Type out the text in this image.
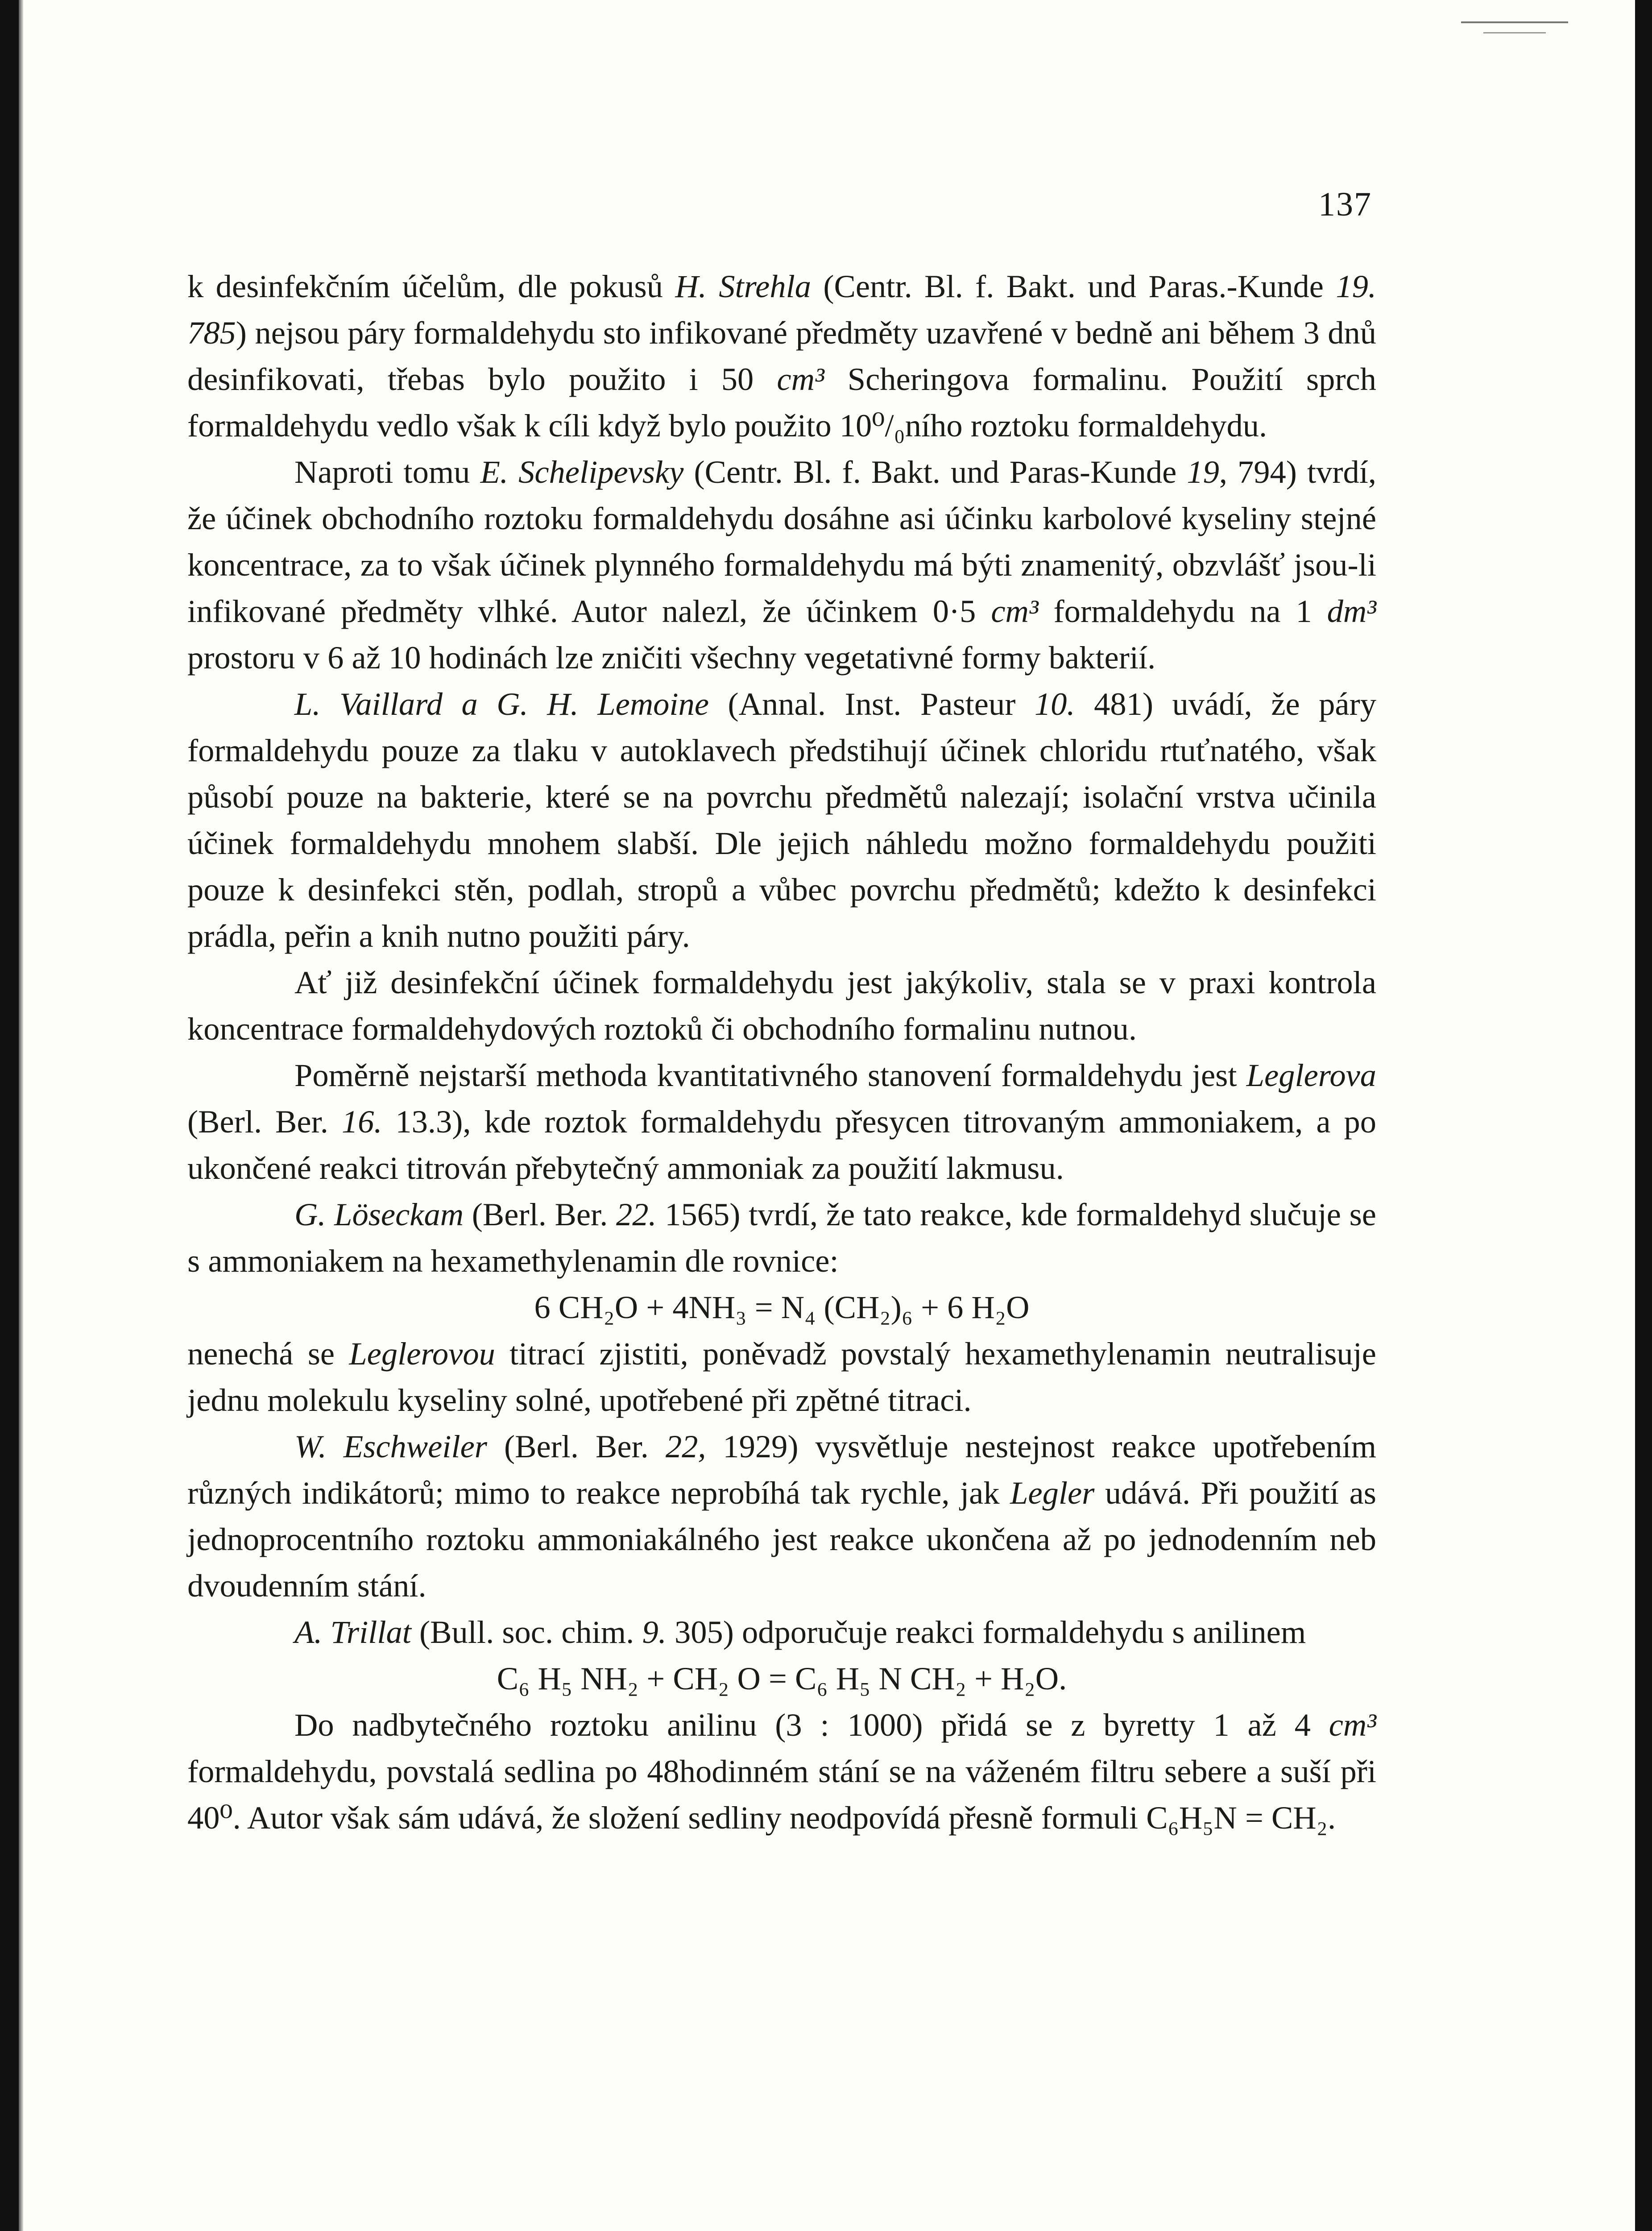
137

k desinfekčním účelům, dle pokusů H. Strehla (Centr. Bl. f. Bakt. und Paras.-Kunde 19. 785) nejsou páry formaldehydu sto infikované předměty uzavřené v bedně ani během 3 dnů desinfikovati, třebas bylo použito i 50 cm³ Scheringova formalinu. Použití sprch formaldehydu vedlo však k cíli když bylo použito 10⁰/₀ního roztoku formaldehydu.

Naproti tomu E. Schelipevsky (Centr. Bl. f. Bakt. und Paras-Kunde 19, 794) tvrdí, že účinek obchodního roztoku formaldehydu dosáhne asi účinku karbolové kyseliny stejné koncentrace, za to však účinek plynného formaldehydu má býti znamenitý, obzvlášť jsou-li infikované předměty vlhké. Autor nalezl, že účinkem 0·5 cm³ formaldehydu na 1 dm³ prostoru v 6 až 10 hodinách lze zničiti všechny vegetativné formy bakterií.

L. Vaillard a G. H. Lemoine (Annal. Inst. Pasteur 10. 481) uvádí, že páry formaldehydu pouze za tlaku v autoklavech předstihují účinek chloridu rtuťnatého, však působí pouze na bakterie, které se na povrchu předmětů nalezají; isolační vrstva učinila účinek formaldehydu mnohem slabší. Dle jejich náhledu možno formaldehydu použiti pouze k desinfekci stěn, podlah, stropů a vůbec povrchu předmětů; kdežto k desinfekci prádla, peřin a knih nutno použiti páry.

Ať již desinfekční účinek formaldehydu jest jakýkoliv, stala se v praxi kontrola koncentrace formaldehydových roztoků či obchodního formalinu nutnou.

Poměrně nejstarší methoda kvantitativného stanovení formaldehydu jest Leglerova (Berl. Ber. 16. 13.3), kde roztok formaldehydu přesycen titrovaným ammoniakem, a po ukončené reakci titrován přebytečný ammoniak za použití lakmusu.

G. Löseckam (Berl. Ber. 22. 1565) tvrdí, že tato reakce, kde formaldehyd slučuje se s ammoniakem na hexamethylenamin dle rovnice:

6 CH₂O + 4NH₃ = N₄ (CH₂)₆ + 6 H₂O

nenechá se Leglerovou titrací zjistiti, poněvadž povstalý hexamethylenamin neutralisuje jednu molekulu kyseliny solné, upotřebené při zpětné titraci.

W. Eschweiler (Berl. Ber. 22, 1929) vysvětluje nestejnost reakce upotřebením různých indikátorů; mimo to reakce neprobíhá tak rychle, jak Legler udává. Při použití as jednoprocentního roztoku ammoniakálného jest reakce ukončena až po jednodenním neb dvoudenním stání.

A. Trillat (Bull. soc. chim. 9. 305) odporučuje reakci formaldehydu s anilinem

C₆ H₅ NH₂ + CH₂ O = C₆ H₅ N CH₂ + H₂O.

Do nadbytečného roztoku anilinu (3 : 1000) přidá se z byretty 1 až 4 cm³ formaldehydu, povstalá sedlina po 48hodinném stání se na váženém filtru sebere a suší při 40⁰. Autor však sám udává, že složení sedliny neodpovídá přesně formuli C₆H₅N = CH₂.
